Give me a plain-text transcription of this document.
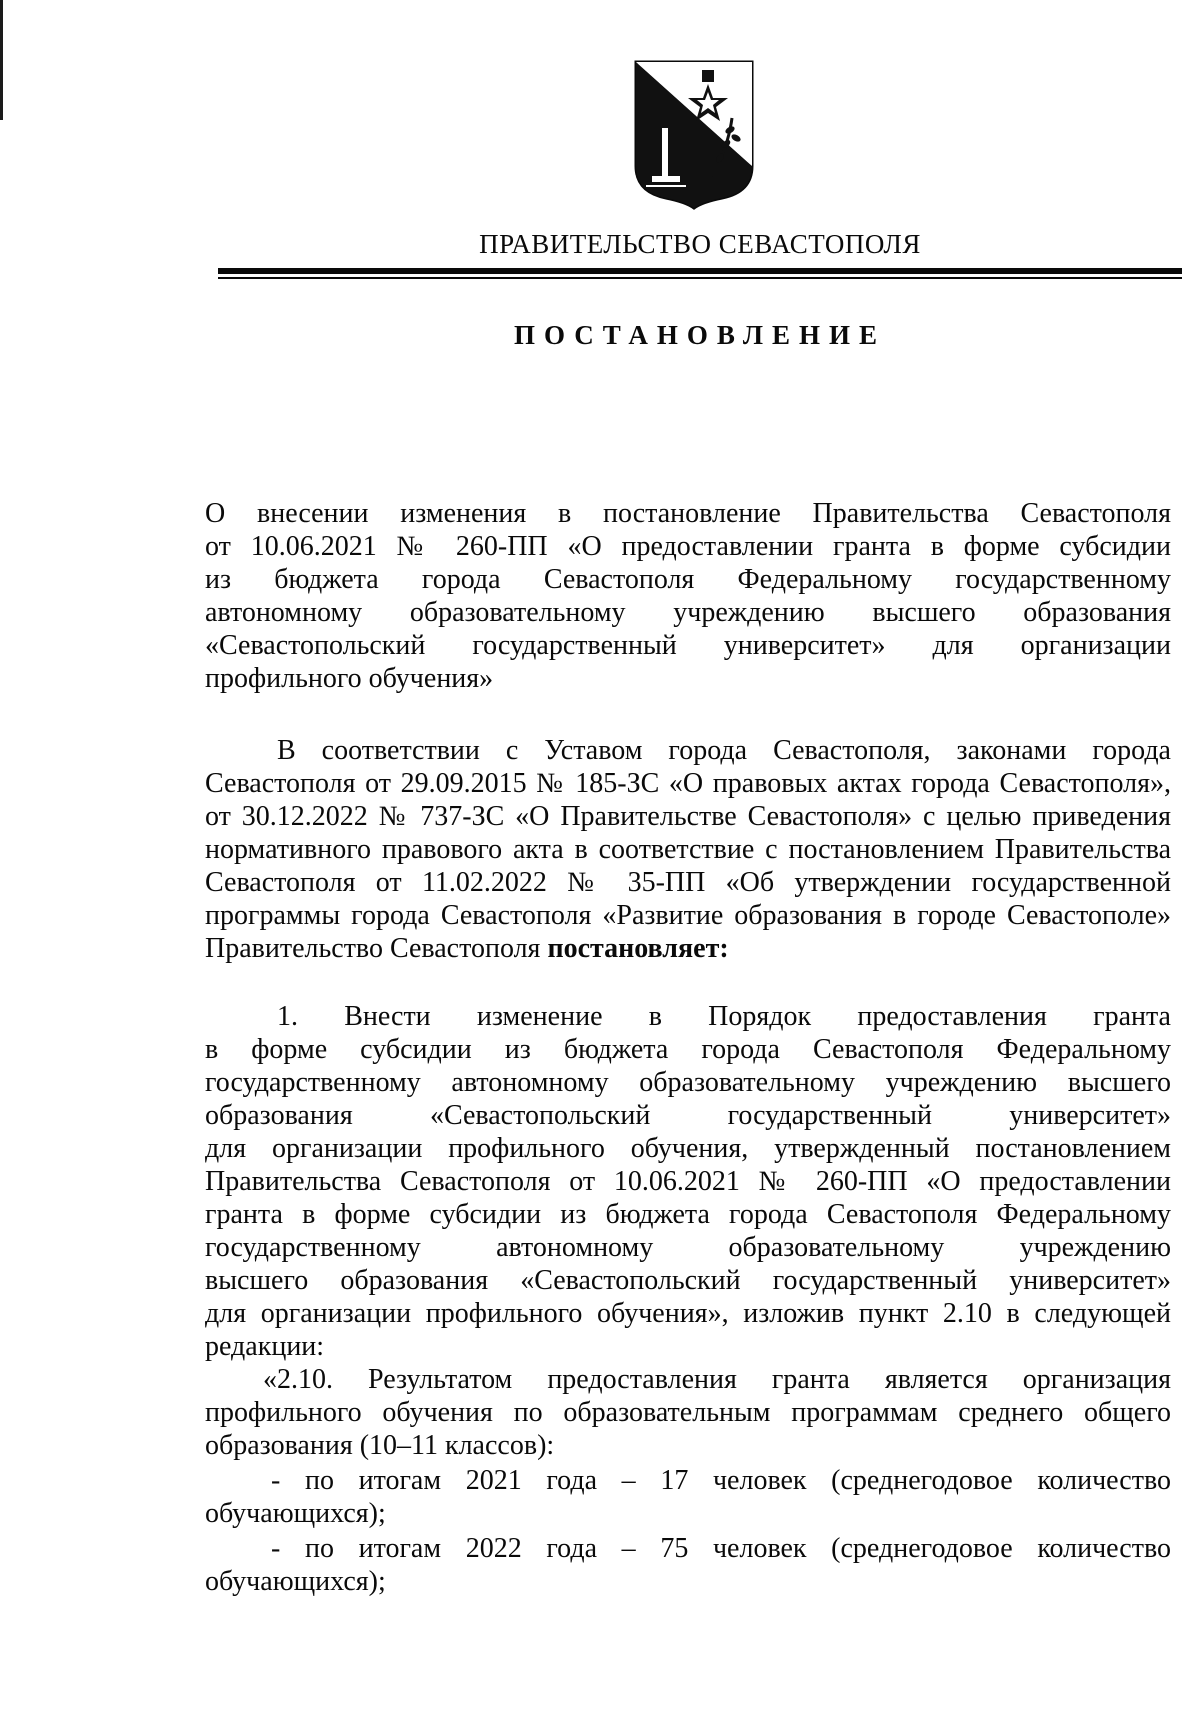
ПРАВИТЕЛЬСТВО СЕВАСТОПОЛЯ
ПОСТАНОВЛЕНИЕ
О внесении изменения в постановление Правительства Севастополя
от 10.06.2021 № 260-ПП «О предоставлении гранта в форме субсидии
из бюджета города Севастополя Федеральному государственному
автономному образовательному учреждению высшего образования
«Севастопольский государственный университет» для организации
профильного обучения»
В соответствии с Уставом города Севастополя, законами города
Севастополя от 29.09.2015 № 185-ЗС «О правовых актах города Севастополя»,
от 30.12.2022 № 737-ЗС «О Правительстве Севастополя» с целью приведения
нормативного правового акта в соответствие с постановлением Правительства
Севастополя от 11.02.2022 № 35-ПП «Об утверждении государственной
программы города Севастополя «Развитие образования в городе Севастополе»
Правительство Севастополя постановляет:
1. Внести изменение в Порядок предоставления гранта
в форме субсидии из бюджета города Севастополя Федеральному
государственному автономному образовательному учреждению высшего
образования «Севастопольский государственный университет»
для организации профильного обучения, утвержденный постановлением
Правительства Севастополя от 10.06.2021 № 260-ПП «О предоставлении
гранта в форме субсидии из бюджета города Севастополя Федеральному
государственному автономному образовательному учреждению
высшего образования «Севастопольский государственный университет»
для организации профильного обучения», изложив пункт 2.10 в следующей
редакции:
«2.10. Результатом предоставления гранта является организация
профильного обучения по образовательным программам среднего общего
образования (10–11 классов):
- по итогам 2021 года – 17 человек (среднегодовое количество
обучающихся);
- по итогам 2022 года – 75 человек (среднегодовое количество
обучающихся);
